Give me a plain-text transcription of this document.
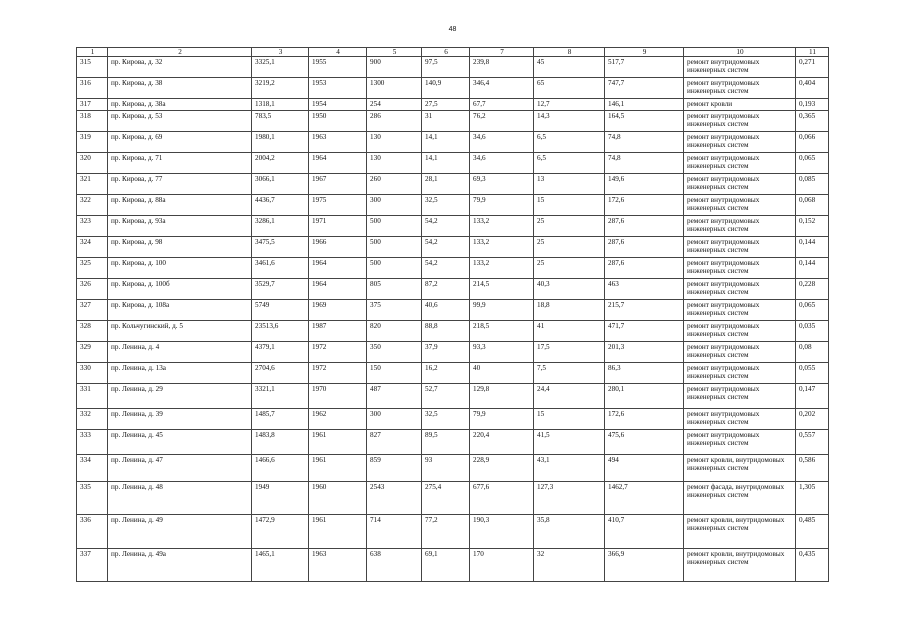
48
1	2	3	4	5	6	7	8	9	10	11
315	пр. Кирова, д. 32	3325,1	1955	900	97,5	239,8	45	517,7	ремонт внутридомовых инженерных систем	0,271
316	пр. Кирова, д. 38	3219,2	1953	1300	140,9	346,4	65	747,7	ремонт внутридомовых инженерных систем	0,404
317	пр. Кирова, д. 38а	1318,1	1954	254	27,5	67,7	12,7	146,1	ремонт кровли	0,193
318	пр. Кирова, д. 53	783,5	1950	286	31	76,2	14,3	164,5	ремонт внутридомовых инженерных систем	0,365
319	пр. Кирова, д. 69	1980,1	1963	130	14,1	34,6	6,5	74,8	ремонт внутридомовых инженерных систем	0,066
320	пр. Кирова, д. 71	2004,2	1964	130	14,1	34,6	6,5	74,8	ремонт внутридомовых инженерных систем	0,065
321	пр. Кирова, д. 77	3066,1	1967	260	28,1	69,3	13	149,6	ремонт внутридомовых инженерных систем	0,085
322	пр. Кирова, д. 88а	4436,7	1975	300	32,5	79,9	15	172,6	ремонт внутридомовых инженерных систем	0,068
323	пр. Кирова, д. 93а	3286,1	1971	500	54,2	133,2	25	287,6	ремонт внутридомовых инженерных систем	0,152
324	пр. Кирова, д. 98	3475,5	1966	500	54,2	133,2	25	287,6	ремонт внутридомовых инженерных систем	0,144
325	пр. Кирова, д. 100	3461,6	1964	500	54,2	133,2	25	287,6	ремонт внутридомовых инженерных систем	0,144
326	пр. Кирова, д. 100б	3529,7	1964	805	87,2	214,5	40,3	463	ремонт внутридомовых инженерных систем	0,228
327	пр. Кирова, д. 108а	5749	1969	375	40,6	99,9	18,8	215,7	ремонт внутридомовых инженерных систем	0,065
328	пр. Кольчугинский, д. 5	23513,6	1987	820	88,8	218,5	41	471,7	ремонт внутридомовых инженерных систем	0,035
329	пр. Ленина, д. 4	4379,1	1972	350	37,9	93,3	17,5	201,3	ремонт внутридомовых инженерных систем	0,08
330	пр. Ленина, д. 13а	2704,6	1972	150	16,2	40	7,5	86,3	ремонт внутридомовых инженерных систем	0,055
331	пр. Ленина, д. 29	3321,1	1970	487	52,7	129,8	24,4	280,1	ремонт внутридомовых инженерных систем	0,147
332	пр. Ленина, д. 39	1485,7	1962	300	32,5	79,9	15	172,6	ремонт внутридомовых инженерных систем	0,202
333	пр. Ленина, д. 45	1483,8	1961	827	89,5	220,4	41,5	475,6	ремонт внутридомовых инженерных систем	0,557
334	пр. Ленина, д. 47	1466,6	1961	859	93	228,9	43,1	494	ремонт кровли, внутридомовых инженерных систем	0,586
335	пр. Ленина, д. 48	1949	1960	2543	275,4	677,6	127,3	1462,7	ремонт фасада, внутридомовых инженерных систем	1,305
336	пр. Ленина, д. 49	1472,9	1961	714	77,2	190,3	35,8	410,7	ремонт кровли, внутридомовых инженерных систем	0,485
337	пр. Ленина, д. 49а	1465,1	1963	638	69,1	170	32	366,9	ремонт кровли, внутридомовых инженерных систем	0,435
